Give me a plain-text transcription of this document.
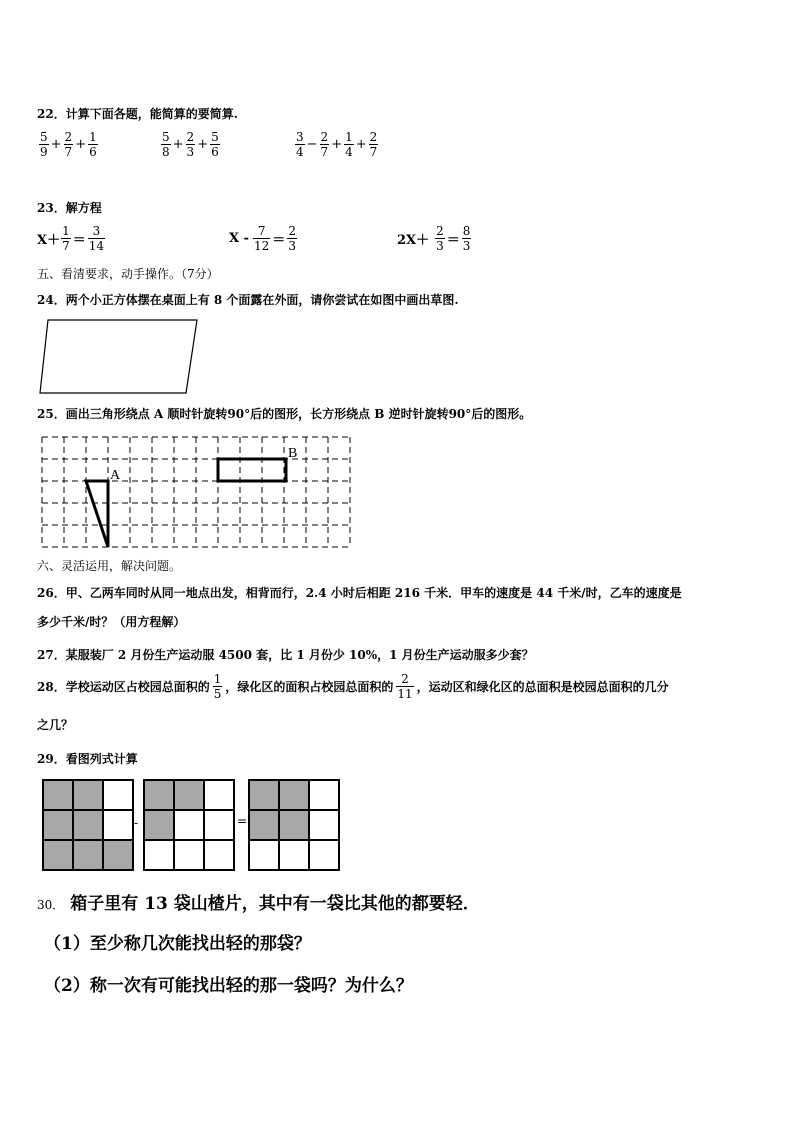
22．计算下面各题，能简算的要简算.
$\frac{5}{9} + \frac{2}{7} + \frac{1}{6}$	$\frac{5}{8} + \frac{2}{3} + \frac{5}{6}$	$\frac{3}{4} - \frac{2}{7} + \frac{1}{4} + \frac{2}{7}$
23．解方程
$X+ \frac{1}{7} = \frac{3}{14}$	$X - \frac{7}{12} = \frac{2}{3}$	$2X+ \frac{2}{3} = \frac{8}{3}$
五、看清要求，动手操作。（7分）
24．两个小正方体摆在桌面上有 8 个面露在外面，请你尝试在如图中画出草图.
25．画出三角形绕点 A 顺时针旋转90°后的图形，长方形绕点 B 逆时针旋转90°后的图形。
A
B
六、灵活运用，解决问题。
26．甲、乙两车同时从同一地点出发，相背而行，2.4 小时后相距 216 千米．甲车的速度是 44 千米/时，乙车的速度是
多少千米/时？（用方程解）
27．某服装厂 2 月份生产运动服 4500 套，比 1 月份少 10%，1 月份生产运动服多少套？
28．学校运动区占校园总面积的 $\frac{1}{5}$ ，绿化区的面积占校园总面积的 $\frac{2}{11}$ ，运动区和绿化区的总面积是校园总面积的几分
之几？
29．看图列式计算
-	=
30． 箱子里有 13 袋山楂片，其中有一袋比其他的都要轻．
（1）至少称几次能找出轻的那袋？
（2）称一次有可能找出轻的那一袋吗？为什么？
